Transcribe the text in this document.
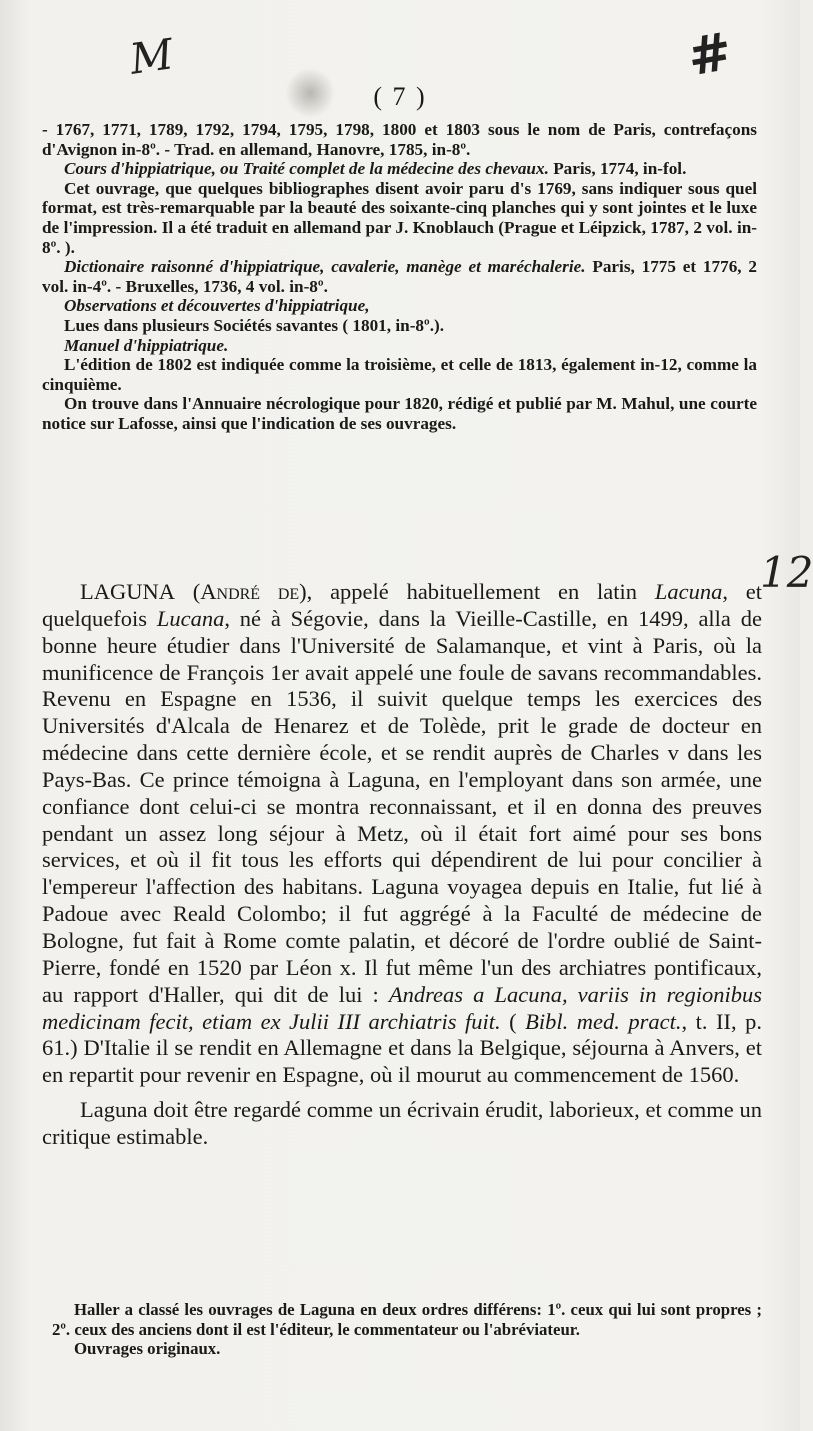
M	#
12
( 7 )

- 1767, 1771, 1789, 1792, 1794, 1795, 1798, 1800 et 1803 sous le nom de Paris, contrefaçons d'Avignon in-8º. - Trad. en allemand, Hanovre, 1785, in-8º.

Cours d'hippiatrique, ou Traité complet de la médecine des chevaux. Paris, 1774, in-fol.

Cet ouvrage, que quelques bibliographes disent avoir paru d's 1769, sans indiquer sous quel format, est très-remarquable par la beauté des soixante-cinq planches qui y sont jointes et le luxe de l'impression. Il a été traduit en allemand par J. Knoblauch (Prague et Léipzick, 1787, 2 vol. in-8º. ).

Dictionaire raisonné d'hippiatrique, cavalerie, manège et maréchalerie. Paris, 1775 et 1776, 2 vol. in-4º. - Bruxelles, 1736, 4 vol. in-8º.

Observations et découvertes d'hippiatrique,

Lues dans plusieurs Sociétés savantes ( 1801, in-8º.).

Manuel d'hippiatrique.

L'édition de 1802 est indiquée comme la troisième, et celle de 1813, également in-12, comme la cinquième.

On trouve dans l'Annuaire nécrologique pour 1820, rédigé et publié par M. Mahul, une courte notice sur Lafosse, ainsi que l'indication de ses ouvrages.

LAGUNA (André de), appelé habituellement en latin Lacuna, et quelquefois Lucana, né à Ségovie, dans la Vieille-Castille, en 1499, alla de bonne heure étudier dans l'Université de Salamanque, et vint à Paris, où la munificence de François 1er avait appelé une foule de savans recommandables. Revenu en Espagne en 1536, il suivit quelque temps les exercices des Universités d'Alcala de Henarez et de Tolède, prit le grade de docteur en médecine dans cette dernière école, et se rendit auprès de Charles v dans les Pays-Bas. Ce prince témoigna à Laguna, en l'employant dans son armée, une confiance dont celui-ci se montra reconnaissant, et il en donna des preuves pendant un assez long séjour à Metz, où il était fort aimé pour ses bons services, et où il fit tous les efforts qui dépendirent de lui pour concilier à l'empereur l'affection des habitans. Laguna voyagea depuis en Italie, fut lié à Padoue avec Reald Colombo; il fut aggrégé à la Faculté de médecine de Bologne, fut fait à Rome comte palatin, et décoré de l'ordre oublié de Saint-Pierre, fondé en 1520 par Léon x. Il fut même l'un des archiatres pontificaux, au rapport d'Haller, qui dit de lui : Andreas a Lacuna, variis in regionibus medicinam fecit, etiam ex Julii III archiatris fuit. ( Bibl. med. pract., t. II, p. 61.) D'Italie il se rendit en Allemagne et dans la Belgique, séjourna à Anvers, et en repartit pour revenir en Espagne, où il mourut au commencement de 1560.

Laguna doit être regardé comme un écrivain érudit, laborieux, et comme un critique estimable.

Haller a classé les ouvrages de Laguna en deux ordres différens: 1º. ceux qui lui sont propres ; 2º. ceux des anciens dont il est l'éditeur, le commentateur ou l'abréviateur.

Ouvrages originaux.
